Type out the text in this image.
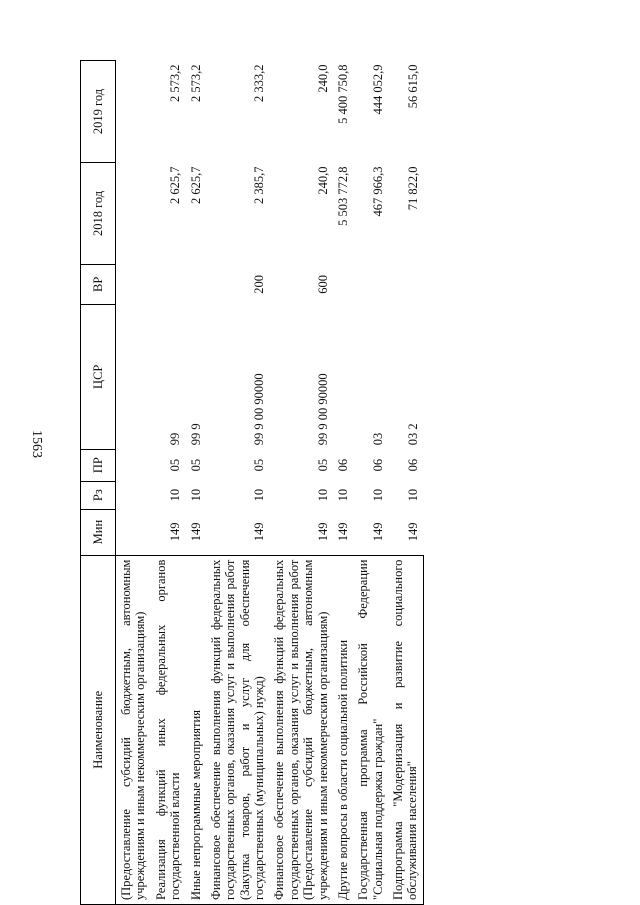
1563
Наименование	Мин	Рз	ПР	ЦСР	ВР	2018 год	2019 год
(Предоставление субсидий бюджетным, автономным учреждениям и иным некоммерческим организациям)							
Реализация функций иных федеральных органов государственной власти	149	10	05	99		2 625,7	2 573,2
Иные непрограммные мероприятия	149	10	05	99 9		2 625,7	2 573,2
Финансовое обеспечение выполнения функций федеральных государственных органов, оказания услуг и выполнения работ (Закупка товаров, работ и услуг для обеспечения государственных (муниципальных) нужд)	149	10	05	99 9 00 90000	200	2 385,7	2 333,2
Финансовое обеспечение выполнения функций федеральных государственных органов, оказания услуг и выполнения работ (Предоставление субсидий бюджетным, автономным учреждениям и иным некоммерческим организациям)	149	10	05	99 9 00 90000	600	240,0	240,0
Другие вопросы в области социальной политики	149	10	06			5 503 772,8	5 400 750,8
Государственная программа Российской Федерации "Социальная поддержка граждан"	149	10	06	03		467 966,3	444 052,9
Подпрограмма "Модернизация и развитие социального обслуживания населения"	149	10	06	03 2		71 822,0	56 615,0
